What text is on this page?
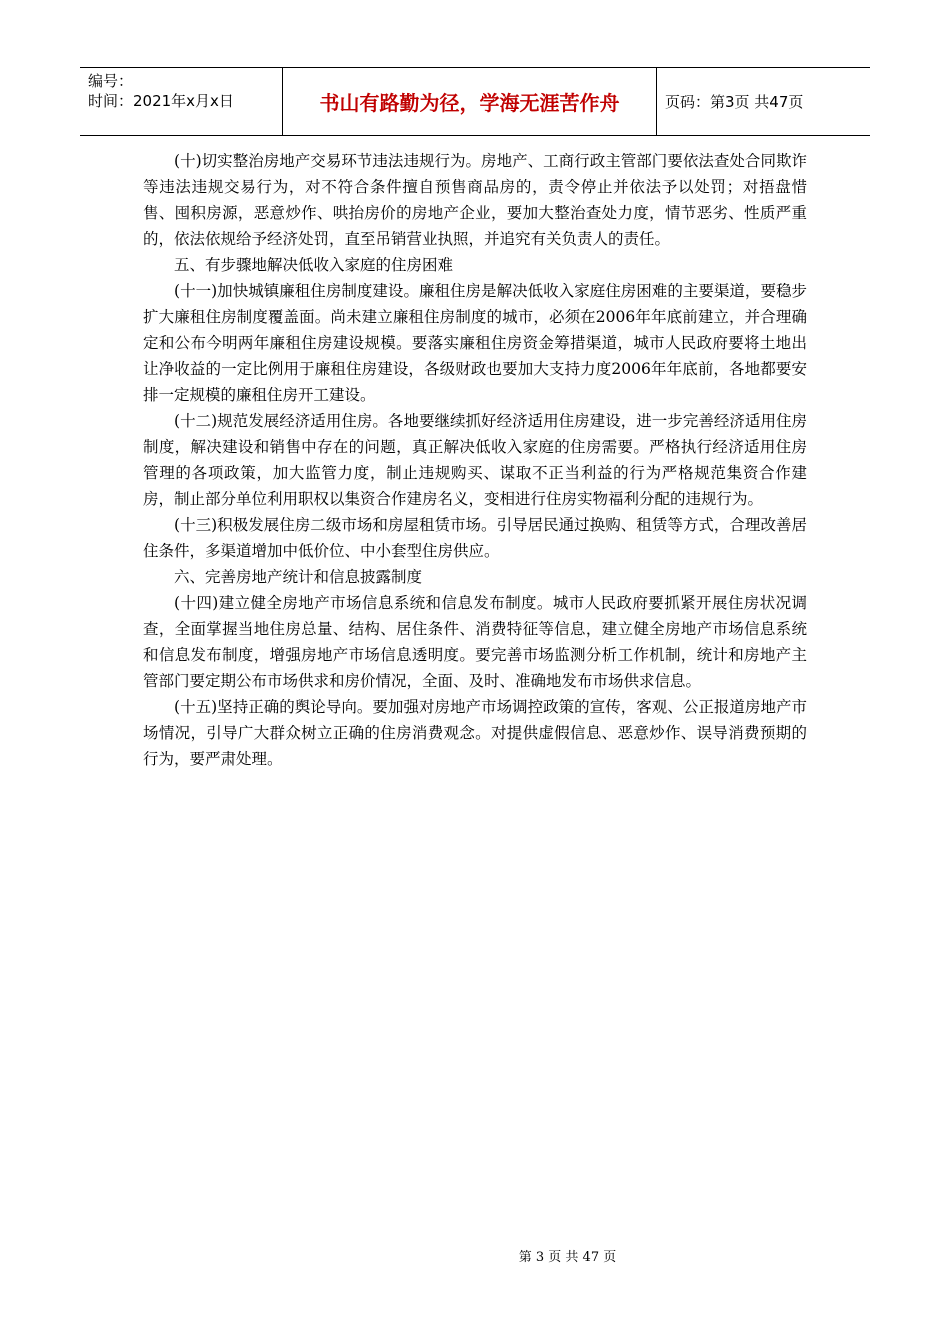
编号：
时间：2021年x月x日	书山有路勤为径，学海无涯苦作舟	页码：第3页 共47页

(十)切实整治房地产交易环节违法违规行为。房地产、工商行政主管部门要依法查处合同欺诈等违法违规交易行为，对不符合条件擅自预售商品房的，责令停止并依法予以处罚；对捂盘惜售、囤积房源，恶意炒作、哄抬房价的房地产企业，要加大整治查处力度，情节恶劣、性质严重的，依法依规给予经济处罚，直至吊销营业执照，并追究有关负责人的责任。

五、有步骤地解决低收入家庭的住房困难

(十一)加快城镇廉租住房制度建设。廉租住房是解决低收入家庭住房困难的主要渠道，要稳步扩大廉租住房制度覆盖面。尚未建立廉租住房制度的城市，必须在2006年年底前建立，并合理确定和公布今明两年廉租住房建设规模。要落实廉租住房资金筹措渠道，城市人民政府要将土地出让净收益的一定比例用于廉租住房建设，各级财政也要加大支持力度2006年年底前，各地都要安排一定规模的廉租住房开工建设。

(十二)规范发展经济适用住房。各地要继续抓好经济适用住房建设，进一步完善经济适用住房制度，解决建设和销售中存在的问题，真正解决低收入家庭的住房需要。严格执行经济适用住房管理的各项政策，加大监管力度，制止违规购买、谋取不正当利益的行为严格规范集资合作建房，制止部分单位利用职权以集资合作建房名义，变相进行住房实物福利分配的违规行为。

(十三)积极发展住房二级市场和房屋租赁市场。引导居民通过换购、租赁等方式，合理改善居住条件，多渠道增加中低价位、中小套型住房供应。

六、完善房地产统计和信息披露制度

(十四)建立健全房地产市场信息系统和信息发布制度。城市人民政府要抓紧开展住房状况调查，全面掌握当地住房总量、结构、居住条件、消费特征等信息，建立健全房地产市场信息系统和信息发布制度，增强房地产市场信息透明度。要完善市场监测分析工作机制，统计和房地产主管部门要定期公布市场供求和房价情况，全面、及时、准确地发布市场供求信息。

(十五)坚持正确的舆论导向。要加强对房地产市场调控政策的宣传，客观、公正报道房地产市场情况，引导广大群众树立正确的住房消费观念。对提供虚假信息、恶意炒作、误导消费预期的行为，要严肃处理。

第 3 页 共 47 页
